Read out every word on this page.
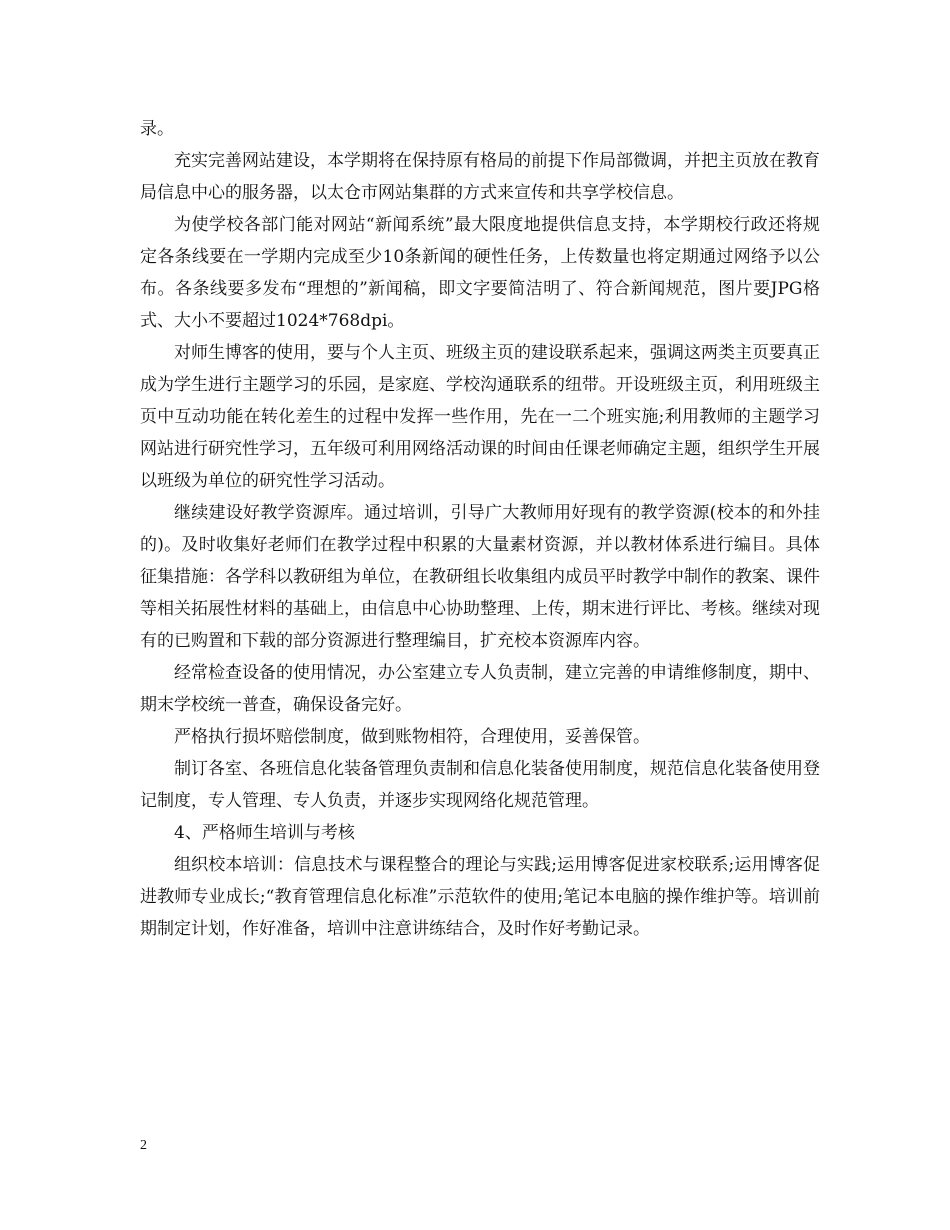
录。

充实完善网站建设，本学期将在保持原有格局的前提下作局部微调，并把主页放在教育局信息中心的服务器，以太仓市网站集群的方式来宣传和共享学校信息。

为使学校各部门能对网站“新闻系统”最大限度地提供信息支持，本学期校行政还将规定各条线要在一学期内完成至少10条新闻的硬性任务，上传数量也将定期通过网络予以公布。各条线要多发布“理想的”新闻稿，即文字要简洁明了、符合新闻规范，图片要JPG格式、大小不要超过1024*768dpi。

对师生博客的使用，要与个人主页、班级主页的建设联系起来，强调这两类主页要真正成为学生进行主题学习的乐园，是家庭、学校沟通联系的纽带。开设班级主页，利用班级主页中互动功能在转化差生的过程中发挥一些作用，先在一二个班实施;利用教师的主题学习网站进行研究性学习，五年级可利用网络活动课的时间由任课老师确定主题，组织学生开展以班级为单位的研究性学习活动。

继续建设好教学资源库。通过培训，引导广大教师用好现有的教学资源(校本的和外挂的)。及时收集好老师们在教学过程中积累的大量素材资源，并以教材体系进行编目。具体征集措施：各学科以教研组为单位，在教研组长收集组内成员平时教学中制作的教案、课件等相关拓展性材料的基础上，由信息中心协助整理、上传，期末进行评比、考核。继续对现有的已购置和下载的部分资源进行整理编目，扩充校本资源库内容。

经常检查设备的使用情况，办公室建立专人负责制，建立完善的申请维修制度，期中、期末学校统一普查，确保设备完好。

严格执行损坏赔偿制度，做到账物相符，合理使用，妥善保管。

制订各室、各班信息化装备管理负责制和信息化装备使用制度，规范信息化装备使用登记制度，专人管理、专人负责，并逐步实现网络化规范管理。

4、严格师生培训与考核

组织校本培训：信息技术与课程整合的理论与实践;运用博客促进家校联系;运用博客促进教师专业成长;“教育管理信息化标准”示范软件的使用;笔记本电脑的操作维护等。培训前期制定计划，作好准备，培训中注意讲练结合，及时作好考勤记录。

2
